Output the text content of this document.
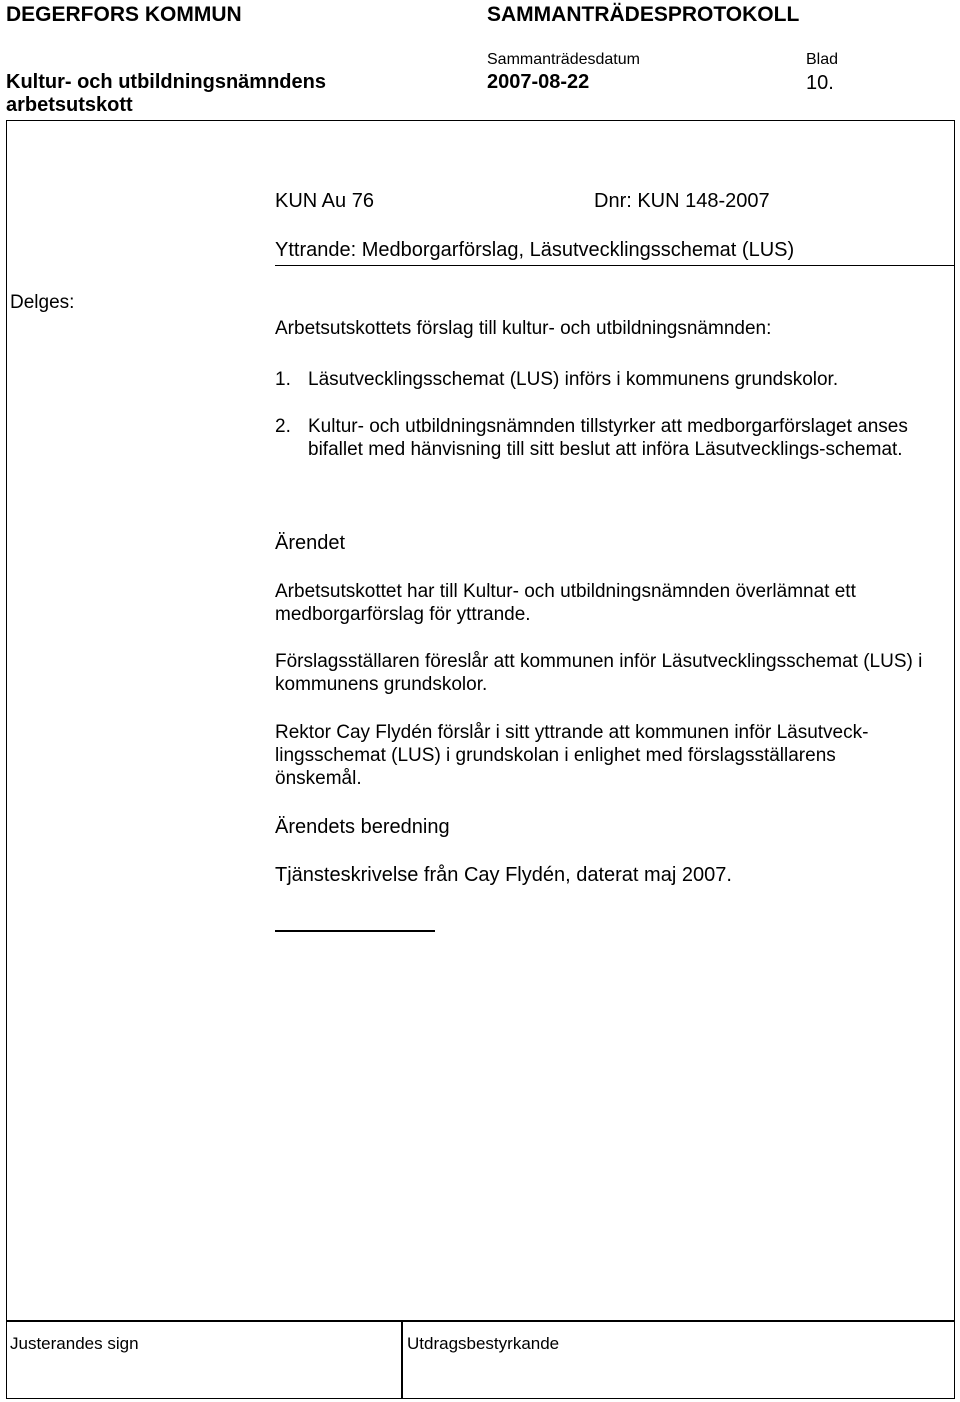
DEGERFORS KOMMUN	SAMMANTRÄDESPROTOKOLL
Sammanträdesdatum	Blad
Kultur- och utbildningsnämndens	2007-08-22	10.
arbetsutskott
KUN Au 76	Dnr: KUN 148-2007
Yttrande: Medborgarförslag, Läsutvecklingsschemat (LUS)
Delges:
Arbetsutskottets förslag till kultur- och utbildningsnämnden:
1. Läsutvecklingsschemat (LUS) införs i kommunens grundskolor.
2. Kultur- och utbildningsnämnden tillstyrker att medborgarförslaget anses bifallet med hänvisning till sitt beslut att införa Läsutvecklings-schemat.
Ärendet
Arbetsutskottet har till Kultur- och utbildningsnämnden överlämnat ett medborgarförslag för yttrande.
Förslagsställaren föreslår att kommunen inför Läsutvecklingsschemat (LUS) i kommunens grundskolor.
Rektor Cay Flydén förslår i sitt yttrande att kommunen inför Läsutveck-lingsschemat (LUS) i grundskolan i enlighet med förslagsställarens önskemål.
Ärendets beredning
Tjänsteskrivelse från Cay Flydén, daterat maj 2007.
Justerandes sign	Utdragsbestyrkande
